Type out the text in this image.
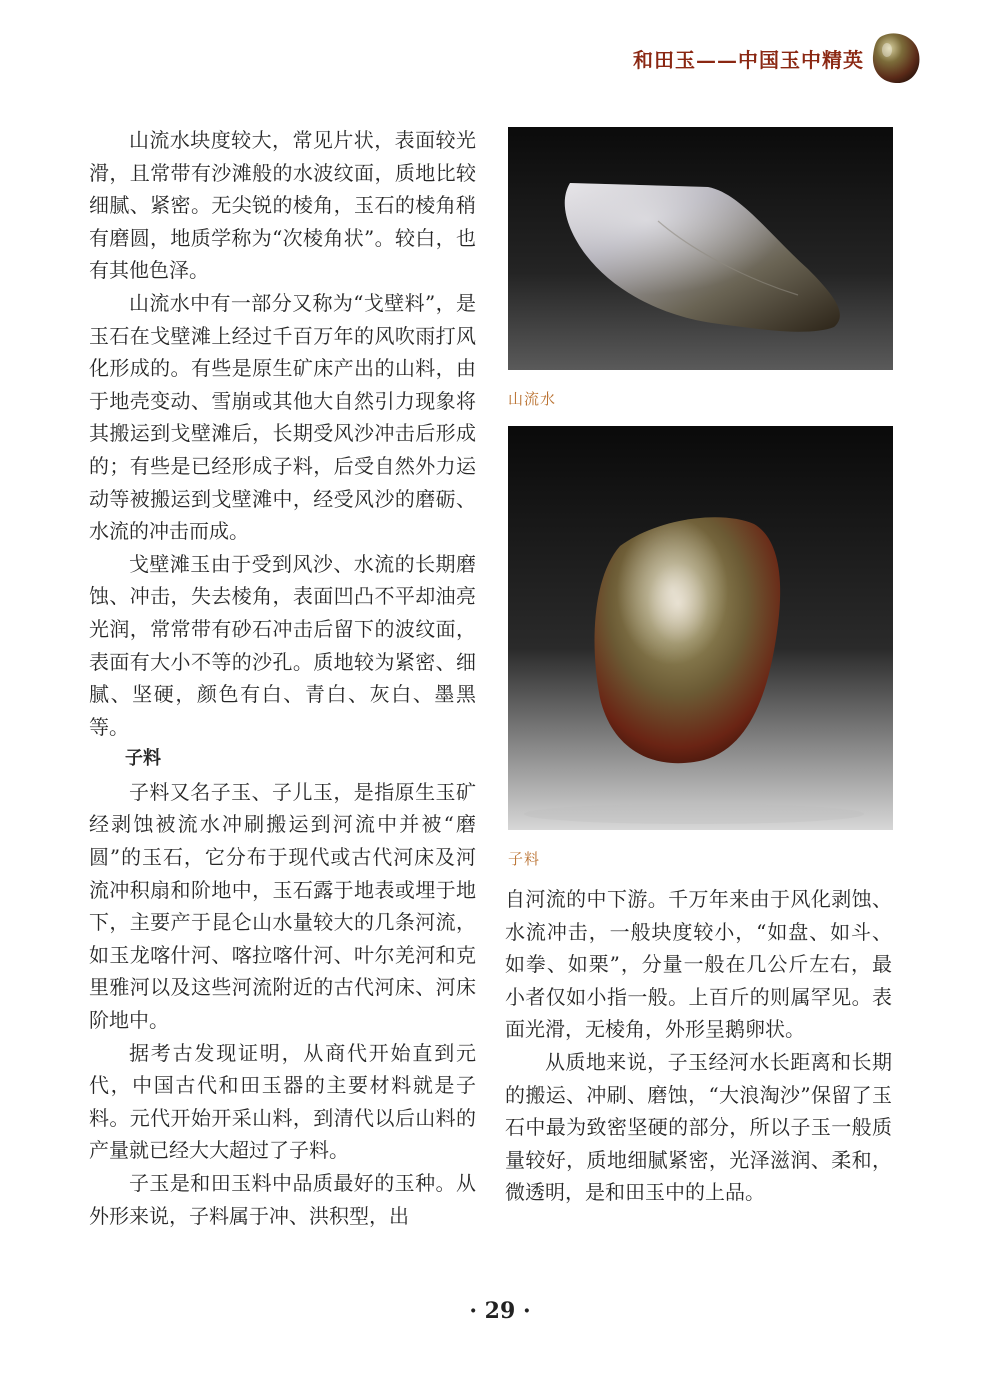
和田玉——中国玉中精英

山流水块度较大，常见片状，表面较光滑，且常带有沙滩般的水波纹面，质地比较细腻、紧密。无尖锐的棱角，玉石的棱角稍有磨圆，地质学称为“次棱角状”。较白，也有其他色泽。

山流水中有一部分又称为“戈壁料”，是玉石在戈壁滩上经过千百万年的风吹雨打风化形成的。有些是原生矿床产出的山料，由于地壳变动、雪崩或其他大自然引力现象将其搬运到戈壁滩后，长期受风沙冲击后形成的；有些是已经形成子料，后受自然外力运动等被搬运到戈壁滩中，经受风沙的磨砺、水流的冲击而成。

戈壁滩玉由于受到风沙、水流的长期磨蚀、冲击，失去棱角，表面凹凸不平却油亮光润，常常带有砂石冲击后留下的波纹面，表面有大小不等的沙孔。质地较为紧密、细腻、坚硬，颜色有白、青白、灰白、墨黑等。

子料

子料又名子玉、子儿玉，是指原生玉矿经剥蚀被流水冲刷搬运到河流中并被“磨圆”的玉石，它分布于现代或古代河床及河流冲积扇和阶地中，玉石露于地表或埋于地下，主要产于昆仑山水量较大的几条河流，如玉龙喀什河、喀拉喀什河、叶尔羌河和克里雅河以及这些河流附近的古代河床、河床阶地中。

据考古发现证明，从商代开始直到元代，中国古代和田玉器的主要材料就是子料。元代开始开采山料，到清代以后山料的产量就已经大大超过了子料。

子玉是和田玉料中品质最好的玉种。从外形来说，子料属于冲、洪积型，出

山流水
子料

自河流的中下游。千万年来由于风化剥蚀、水流冲击，一般块度较小，“如盘、如斗、如拳、如栗”，分量一般在几公斤左右，最小者仅如小指一般。上百斤的则属罕见。表面光滑，无棱角，外形呈鹅卵状。

从质地来说，子玉经河水长距离和长期的搬运、冲刷、磨蚀，“大浪淘沙”保留了玉石中最为致密坚硬的部分，所以子玉一般质量较好，质地细腻紧密，光泽滋润、柔和，微透明，是和田玉中的上品。

· 29 ·
